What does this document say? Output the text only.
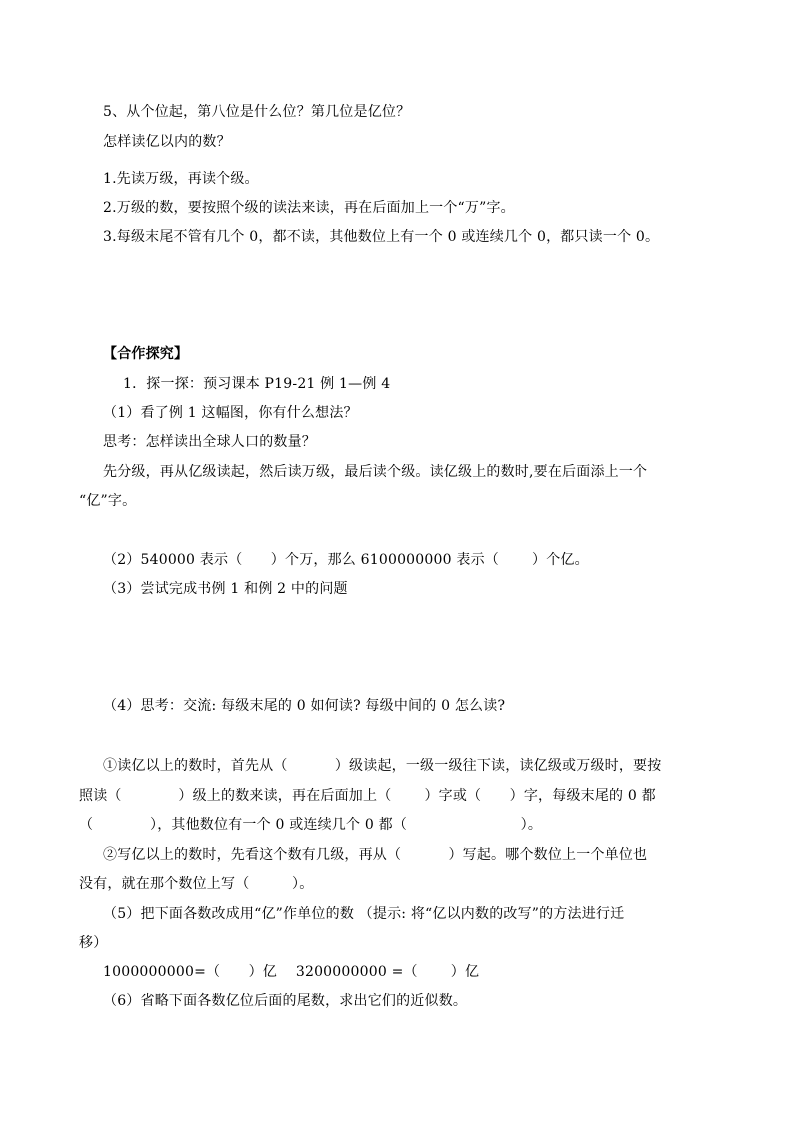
5、从个位起，第八位是什么位？第几位是亿位？
怎样读亿以内的数？
1.先读万级，再读个级。
2.万级的数，要按照个级的读法来读，再在后面加上一个“万”字。
3.每级末尾不管有几个 0，都不读，其他数位上有一个 0 或连续几个 0，都只读一个 0。
【合作探究】
1．探一探：预习课本 P19-21 例 1—例 4
（1）看了例 1 这幅图，你有什么想法？
思考：怎样读出全球人口的数量？
先分级，再从亿级读起，然后读万级，最后读个级。读亿级上的数时,要在后面添上一个
“亿”字。
（2）540000 表示（　　）个万，那么 6100000000 表示（　　 ）个亿。
（3）尝试完成书例 1 和例 2 中的问题
（4）思考：交流: 每级末尾的 0 如何读? 每级中间的 0 怎么读?
①读亿以上的数时，首先从（　　　 ）级读起，一级一级往下读，读亿级或万级时，要按
照读（　　　　）级上的数来读，再在后面加上（　　 ）字或（　　）字，每级末尾的 0 都
（　　　　），其他数位有一个 0 或连续几个 0 都（　　　　　　　　）。
②写亿以上的数时，先看这个数有几级，再从（　　　 ）写起。哪个数位上一个单位也
没有，就在那个数位上写（　　　）。
（5）把下面各数改成用“亿”作单位的数 （提示: 将“亿以内数的改写”的方法进行迁
移）
1000000000=（　　）亿　 3200000000 =（　　 ）亿
（6）省略下面各数亿位后面的尾数，求出它们的近似数。
